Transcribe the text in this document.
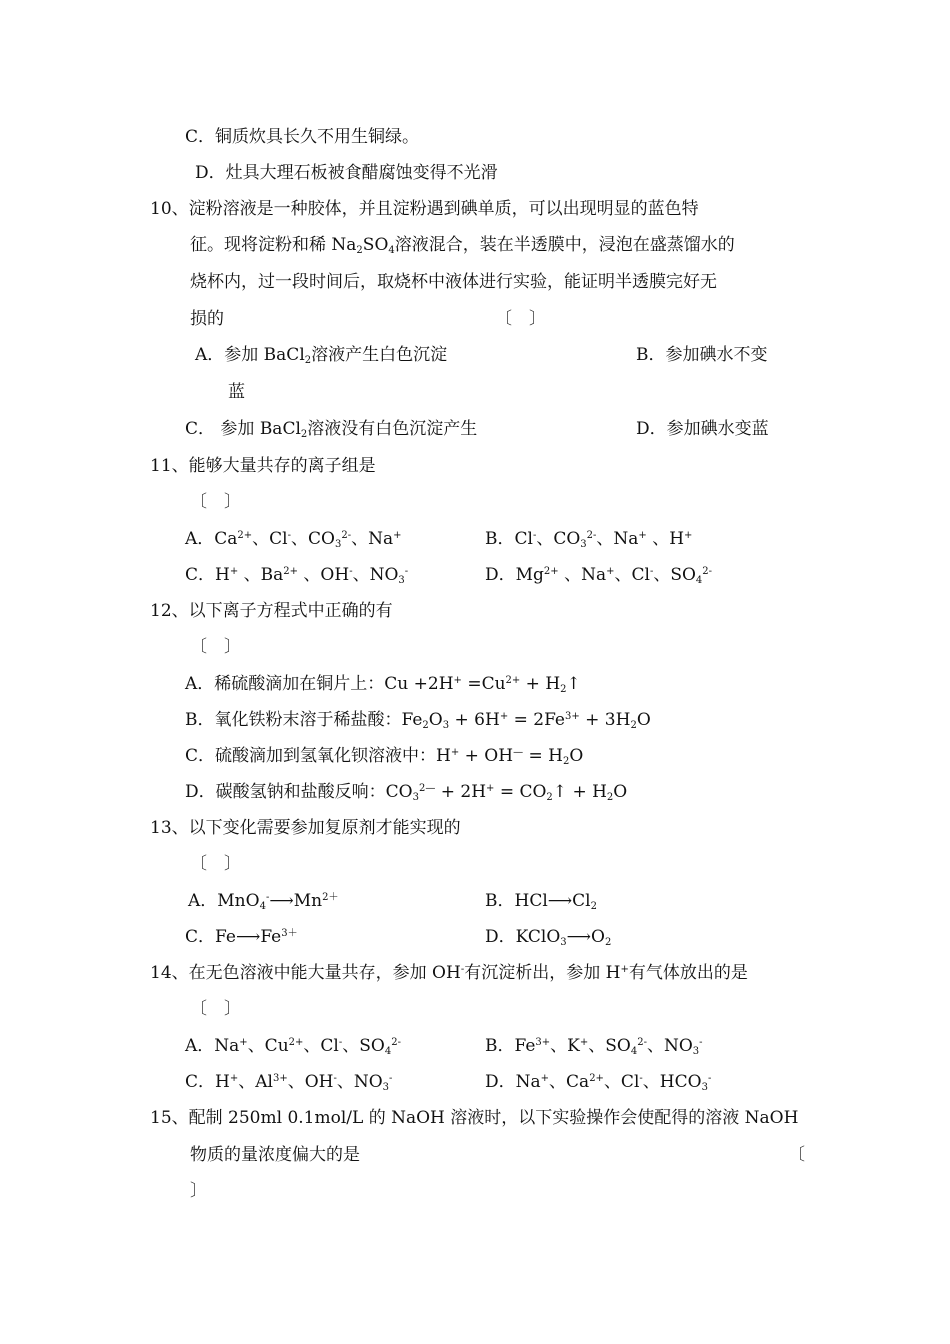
C．铜质炊具长久不用生铜绿。
D．灶具大理石板被食醋腐蚀变得不光滑
10、淀粉溶液是一种胶体，并且淀粉遇到碘单质，可以出现明显的蓝色特
征。现将淀粉和稀 $Na_2SO_4$溶液混合，装在半透膜中，浸泡在盛蒸馏水的
烧杯内，过一段时间后，取烧杯中液体进行实验，能证明半透膜完好无
损的	〔　〕
A．参加 BaCl$_2$溶液产生白色沉淀	B．参加碘水不变
蓝
C． 参加 BaCl$_2$溶液没有白色沉淀产生	D．参加碘水变蓝
11、能够大量共存的离子组是
〔　〕
A．$Ca^{2+}$、Cl-、$CO_3^{2-}$、Na+	B．Cl-、$CO_3^{2-}$、Na+ 、H+
C．H+ 、$Ba^{2+}$ 、OH-、$NO_3^-$	D．$Mg^{2+}$ 、Na+、Cl-、$SO_4^{2-}$
12、以下离子方程式中正确的有
〔　〕
A．稀硫酸滴加在铜片上：$Cu +2H^+ =Cu^{2+}$ + $H_2↑$
B．氧化铁粉末溶于稀盐酸：$Fe_2O_3 + 6H^+ = 2Fe^{3+} + 3H_2O$
C．硫酸滴加到氢氧化钡溶液中：$H^+ + OH^— = H_2O$
D．碳酸氢钠和盐酸反响：$CO_3^{2—} + 2H^+$ = $CO_2↑ + H_2O$
13、以下变化需要参加复原剂才能实现的
〔　〕
A．$MnO_4^-⟶Mn^{2+}$	B．$HCl⟶Cl_2$
C．$Fe⟶Fe^{3+}$	D．$KClO_3⟶O_2$
14、在无色溶液中能大量共存，参加 OH-有沉淀析出，参加 H+有气体放出的是
〔　〕
A．Na+、$Cu^{2+}$、Cl-、$SO_4^{2-}$	B．$Fe^{3+}$、K+、$SO_4^{2-}$、$NO_3^-$
C．H+、$Al^{3+}$、OH-、$NO_3^-$	D．Na+、$Ca^{2+}$、Cl-、$HCO_3^-$
15、配制 250ml 0.1mol/L 的 NaOH 溶液时，以下实验操作会使配得的溶液 NaOH
物质的量浓度偏大的是	〔
〕
